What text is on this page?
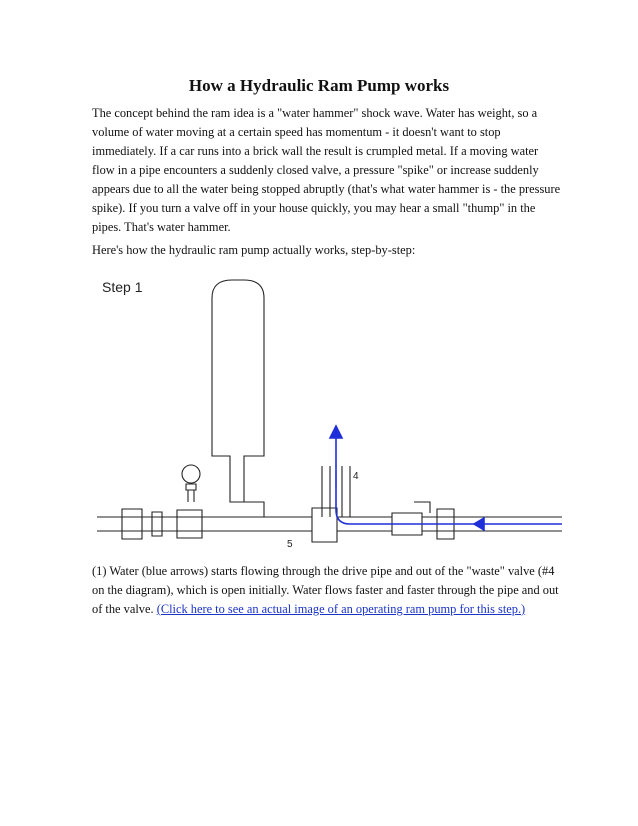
How a Hydraulic Ram Pump works

The concept behind the ram idea is a "water hammer" shock wave. Water has weight, so a volume of water moving at a certain speed has momentum - it doesn't want to stop immediately. If a car runs into a brick wall the result is crumpled metal. If a moving water flow in a pipe encounters a suddenly closed valve, a pressure "spike" or increase suddenly appears due to all the water being stopped abruptly (that's what water hammer is - the pressure spike). If you turn a valve off in your house quickly, you may hear a small "thump" in the pipes. That's water hammer.

Here's how the hydraulic ram pump actually works, step-by-step:

Step 1
4
5

(1) Water (blue arrows) starts flowing through the drive pipe and out of the "waste" valve (#4 on the diagram), which is open initially. Water flows faster and faster through the pipe and out of the valve. (Click here to see an actual image of an operating ram pump for this step.)
